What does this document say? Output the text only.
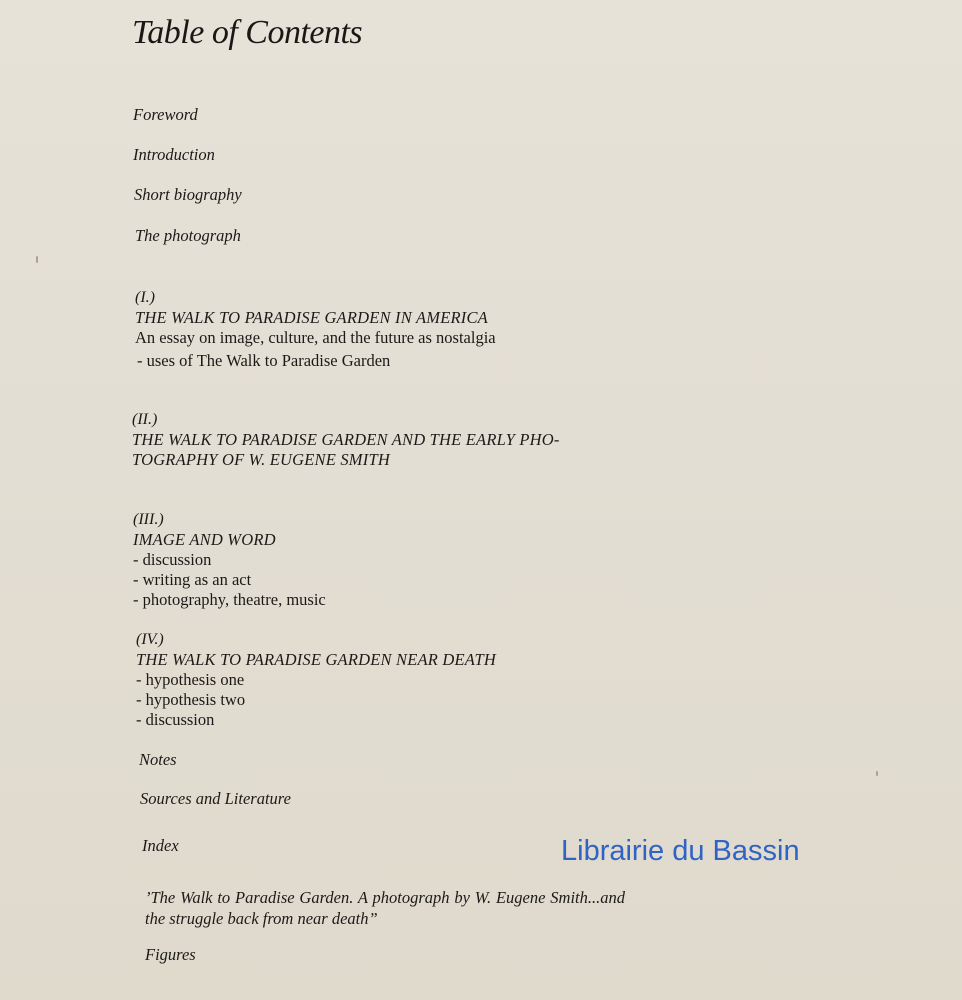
Table of Contents
Foreword
Introduction
Short biography
The photograph
(I.)
THE WALK TO PARADISE GARDEN IN AMERICA
An essay on image, culture, and the future as nostalgia
- uses of The Walk to Paradise Garden
(II.)
THE WALK TO PARADISE GARDEN AND THE EARLY PHO-
TOGRAPHY OF W. EUGENE SMITH
(III.)
IMAGE AND WORD
- discussion
- writing as an act
- photography, theatre, music
(IV.)
THE WALK TO PARADISE GARDEN NEAR DEATH
- hypothesis one
- hypothesis two
- discussion
Notes
Sources and Literature
Index
’The Walk to Paradise Garden. A photograph by W. Eugene Smith...and the struggle back from near death”
Figures
Librairie du Bassin
